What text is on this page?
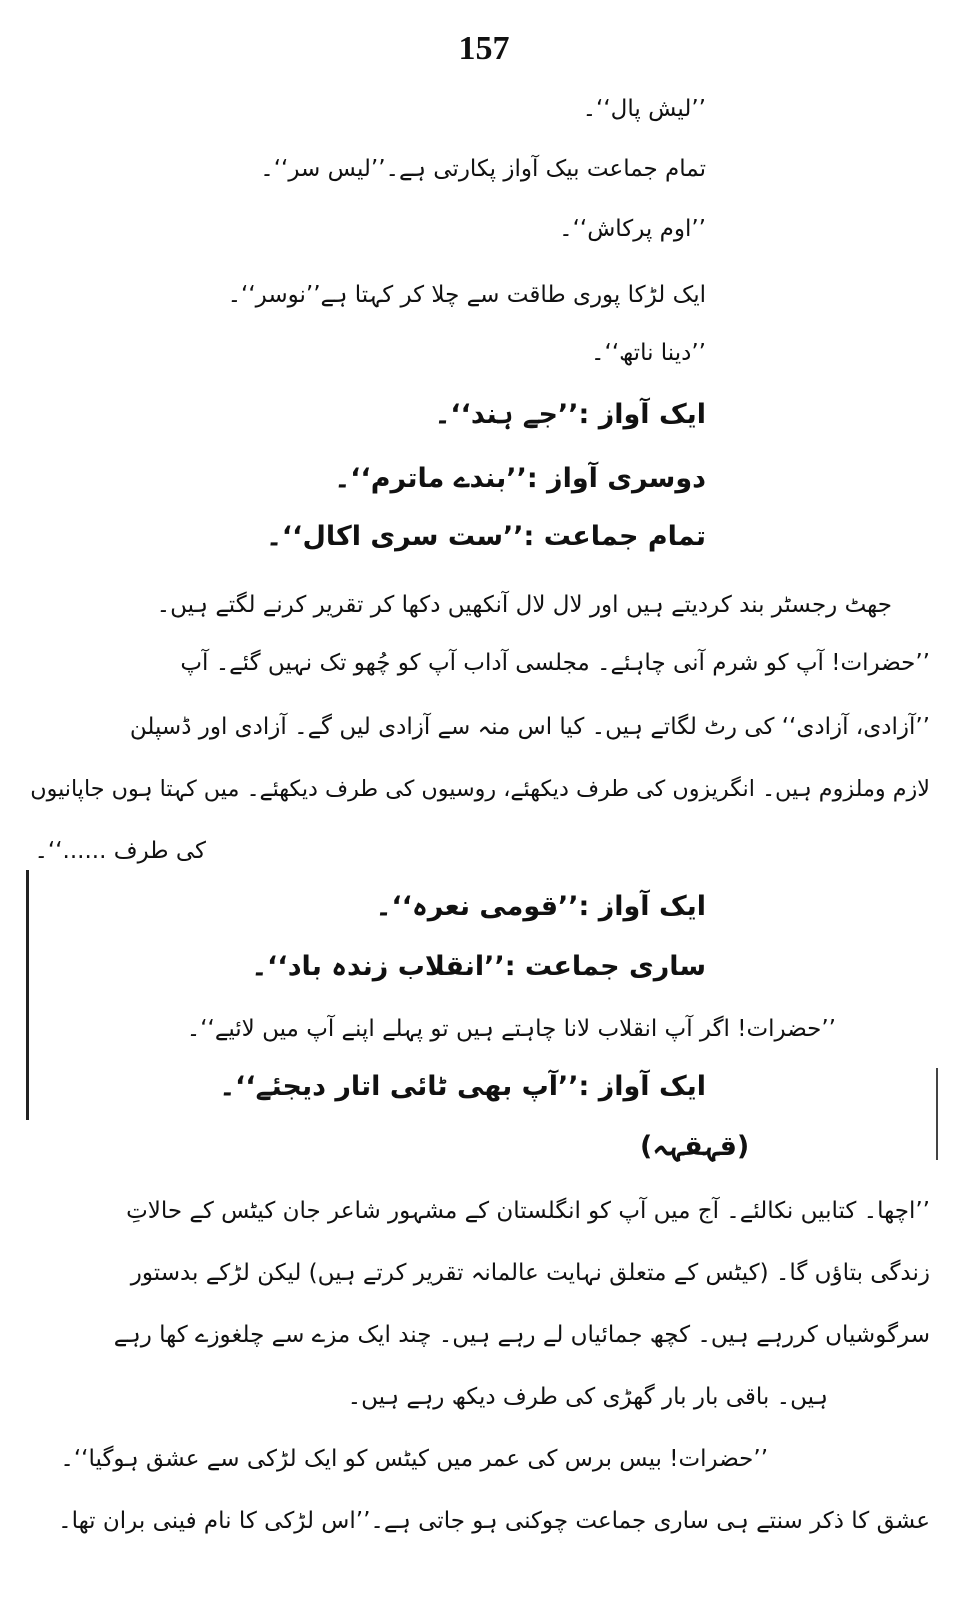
157
’’لیش پال‘‘۔
تمام جماعت بیک آواز پکارتی ہے۔’’لیس سر‘‘۔
’’اوم پرکاش‘‘۔
ایک لڑکا پوری طاقت سے چلا کر کہتا ہے’’نوسر‘‘۔
’’دینا ناتھ‘‘۔
ایک آواز :’’جے ہند‘‘۔
دوسری آواز :’’بندے ماترم‘‘۔
تمام جماعت :’’ست سری اکال‘‘۔
جھٹ رجسٹر بند کردیتے ہیں اور لال لال آنکھیں دکھا کر تقریر کرنے لگتے ہیں۔
’’حضرات! آپ کو شرم آنی چاہئے۔ مجلسی آداب آپ کو چُھو تک نہیں گئے۔ آپ
’’آزادی، آزادی‘‘ کی رٹ لگاتے ہیں۔ کیا اس منہ سے آزادی لیں گے۔ آزادی اور ڈسپلن
لازم وملزوم ہیں۔ انگریزوں کی طرف دیکھئے، روسیوں کی طرف دیکھئے۔ میں کہتا ہوں جاپانیوں
کی طرف ......‘‘۔
ایک آواز :’’قومی نعرہ‘‘۔
ساری جماعت :’’انقلاب زندہ باد‘‘۔
’’حضرات! اگر آپ انقلاب لانا چاہتے ہیں تو پہلے اپنے آپ میں لائیے‘‘۔
ایک آواز :’’آپ بھی ٹائی اتار دیجئے‘‘۔
(قہقہہ)
’’اچھا۔ کتابیں نکالئے۔ آج میں آپ کو انگلستان کے مشہور شاعر جان کیٹس کے حالاتِ
زندگی بتاؤں گا۔ (کیٹس کے متعلق نہایت عالمانہ تقریر کرتے ہیں) لیکن لڑکے بدستور
سرگوشیاں کررہے ہیں۔ کچھ جمائیاں لے رہے ہیں۔ چند ایک مزے سے چلغوزے کھا رہے
ہیں۔ باقی بار بار گھڑی کی طرف دیکھ رہے ہیں۔
’’حضرات! بیس برس کی عمر میں کیٹس کو ایک لڑکی سے عشق ہوگیا‘‘۔
عشق کا ذکر سنتے ہی ساری جماعت چوکنی ہو جاتی ہے۔’’اس لڑکی کا نام فینی بران تھا۔
